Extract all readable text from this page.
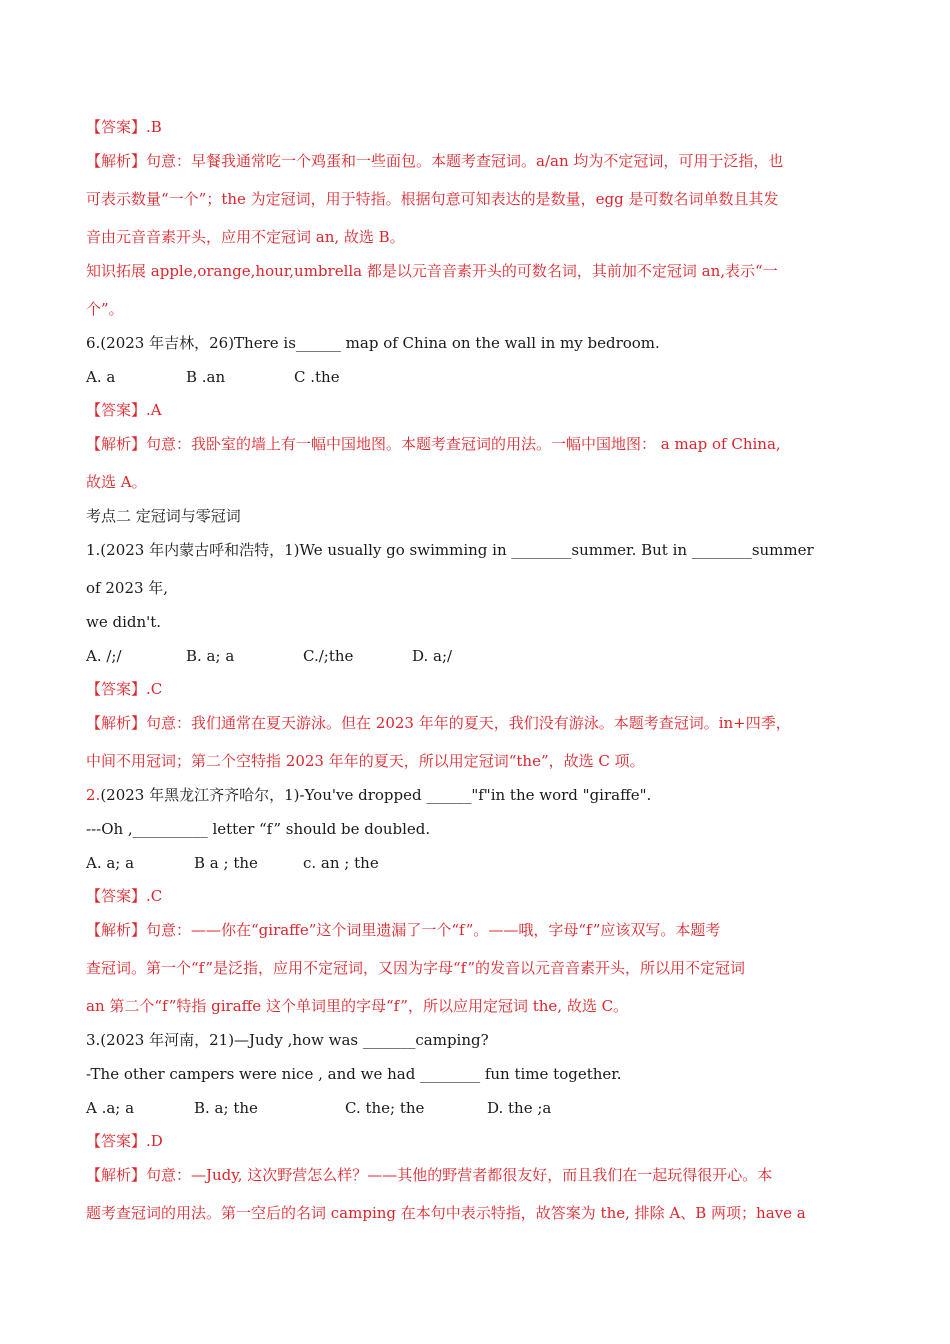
【答案】.B
【解析】句意：早餐我通常吃一个鸡蛋和一些面包。本题考查冠词。a/an 均为不定冠词，可用于泛指，也
可表示数量“一个”；the 为定冠词，用于特指。根据句意可知表达的是数量，egg 是可数名词单数且其发
音由元音音素开头，应用不定冠词 an, 故选 B。
知识拓展 apple,orange,hour,umbrella 都是以元音音素开头的可数名词，其前加不定冠词 an,表示“一
个”。
6.(2023 年吉林，26)There is______ map of China on the wall in my bedroom.
A. a	B .an	C .the
【答案】.A
【解析】句意：我卧室的墙上有一幅中国地图。本题考查冠词的用法。一幅中国地图： a map of China,
故选 A。
考点二 定冠词与零冠词
1.(2023 年内蒙古呼和浩特，1)We usually go swimming in ________summer. But in ________summer
of 2023 年,
we didn't.
A. /;/	B. a; a	C./;the	D. a;/
【答案】.C
【解析】句意：我们通常在夏天游泳。但在 2023 年年的夏天，我们没有游泳。本题考查冠词。in+四季，
中间不用冠词；第二个空特指 2023 年年的夏天，所以用定冠词“the”，故选 C 项。
2.(2023 年黑龙江齐齐哈尔，1)-You've dropped ______"f"in the word "giraffe".
---Oh ,__________ letter “f” should be doubled.
A. a; a	B a ; the	c. an ; the
【答案】.C
【解析】句意：——你在“giraffe”这个词里遗漏了一个“f”。——哦，字母“f”应该双写。本题考
查冠词。第一个“f”是泛指，应用不定冠词，又因为字母“f”的发音以元音音素开头，所以用不定冠词
an 第二个“f”特指 giraffe 这个单词里的字母“f”，所以应用定冠词 the, 故选 C。
3.(2023 年河南，21)—Judy ,how was _______camping?
-The other campers were nice , and we had ________ fun time together.
A .a; a	B. a; the	C. the; the	D. the ;a
【答案】.D
【解析】句意：—Judy, 这次野营怎么样？——其他的野营者都很友好，而且我们在一起玩得很开心。本
题考查冠词的用法。第一空后的名词 camping 在本句中表示特指，故答案为 the, 排除 A、B 两项；have a
